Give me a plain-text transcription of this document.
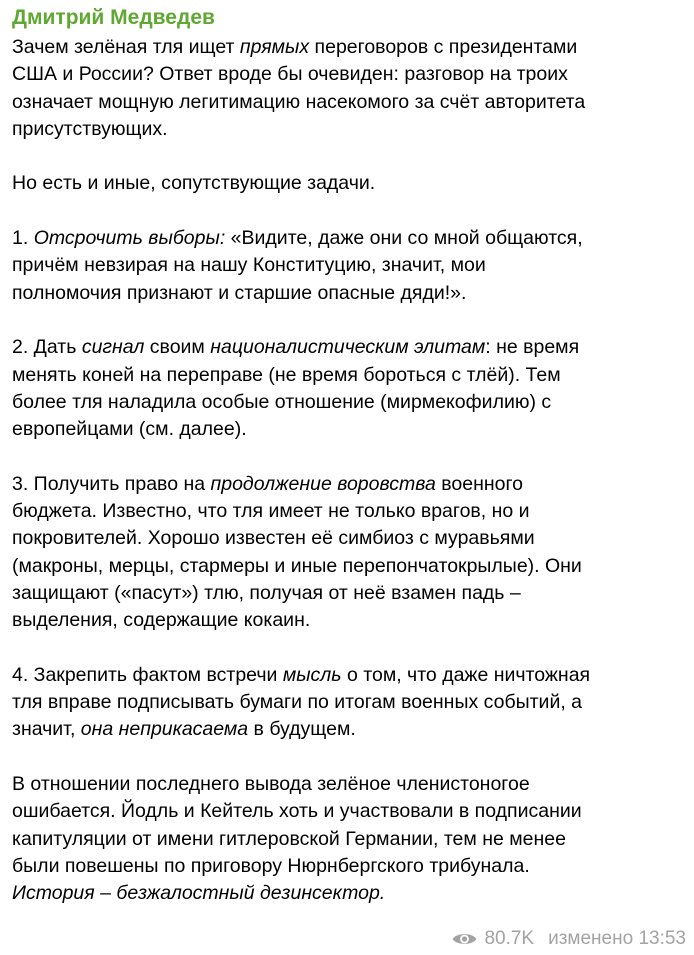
Дмитрий Медведев
Зачем зелёная тля ищет прямых переговоров с президентами
США и России? Ответ вроде бы очевиден: разговор на троих
означает мощную легитимацию насекомого за счёт авторитета
присутствующих.
Но есть и иные, сопутствующие задачи.
1. Отсрочить выборы: «Видите, даже они со мной общаются,
причём невзирая на нашу Конституцию, значит, мои
полномочия признают и старшие опасные дяди!».
2. Дать сигнал своим националистическим элитам: не время
менять коней на переправе (не время бороться с тлёй). Тем
более тля наладила особые отношение (мирмекофилию) с
европейцами (см. далее).
3. Получить право на продолжение воровства военного
бюджета. Известно, что тля имеет не только врагов, но и
покровителей. Хорошо известен её симбиоз с муравьями
(макроны, мерцы, стармеры и иные перепончатокрылые). Они
защищают («пасут») тлю, получая от неё взамен падь –
выделения, содержащие кокаин.
4. Закрепить фактом встречи мысль о том, что даже ничтожная
тля вправе подписывать бумаги по итогам военных событий, а
значит, она неприкасаема в будущем.
В отношении последнего вывода зелёное членистоногое
ошибается. Йодль и Кейтель хоть и участвовали в подписании
капитуляции от имени гитлеровской Германии, тем не менее
были повешены по приговору Нюрнбергского трибунала.
История – безжалостный дезинсектор.
80.7K изменено 13:53
